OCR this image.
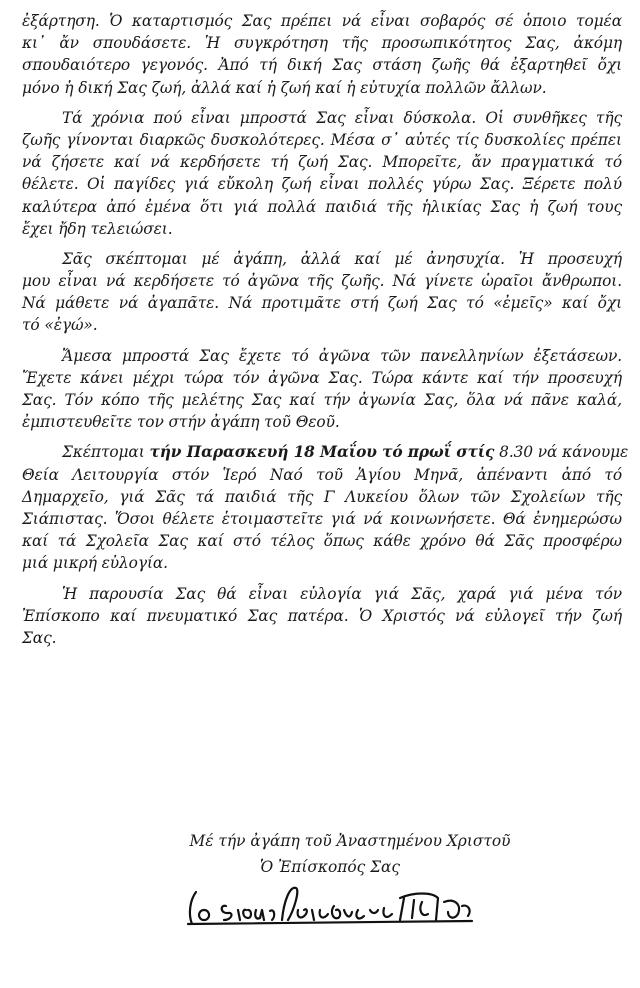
ἐξάρτηση. Ὁ καταρτισμός Σας πρέπει νά εἶναι σοβαρός σέ ὁποιο τομέα
κι᾽ ἄν σπουδάσετε. Ἡ συγκρότηση τῆς προσωπικότητος Σας, ἀκόμη
σπουδαιότερο γεγονός. Ἀπό τή δική Σας στάση ζωῆς θά ἐξαρτηθεῖ ὄχι
μόνο ἡ δική Σας ζωή, ἀλλά καί ἡ ζωή καί ἡ εὐτυχία πολλῶν ἄλλων.
Τά χρόνια πού εἶναι μπροστά Σας εἶναι δύσκολα. Οἱ συνθῆκες τῆς
ζωῆς γίνονται διαρκῶς δυσκολότερες. Μέσα σ᾽ αὐτές τίς δυσκολίες πρέπει
νά ζήσετε καί νά κερδήσετε τή ζωή Σας. Μπορεῖτε, ἄν πραγματικά τό
θέλετε. Οἱ παγίδες γιά εὔκολη ζωή εἶναι πολλές γύρω Σας. Ξέρετε πολύ
καλύτερα ἀπό ἐμένα ὅτι γιά πολλά παιδιά τῆς ἡλικίας Σας ἡ ζωή τους
ἔχει ἤδη τελειώσει.
Σᾶς σκέπτομαι μέ ἀγάπη, ἀλλά καί μέ ἀνησυχία. Ἡ προσευχή
μου εἶναι νά κερδήσετε τό ἀγῶνα τῆς ζωῆς. Νά γίνετε ὡραῖοι ἄνθρωποι.
Νά μάθετε νά ἀγαπᾶτε. Νά προτιμᾶτε στή ζωή Σας τό «ἐμεῖς» καί ὄχι
τό «ἐγώ».
Ἄμεσα μπροστά Σας ἔχετε τό ἀγῶνα τῶν πανελληνίων ἐξετάσεων.
Ἔχετε κάνει μέχρι τώρα τόν ἀγῶνα Σας. Τώρα κάντε καί τήν προσευχή
Σας. Τόν κόπο τῆς μελέτης Σας καί τήν ἀγωνία Σας, ὅλα νά πᾶνε καλά,
ἐμπιστευθεῖτε τον στήν ἀγάπη τοῦ Θεοῦ.
Σκέπτομαι τήν Παρασκευή 18 Μαΐου τό πρωΐ στίς 8.30 νά κάνουμε
Θεία Λειτουργία στόν Ἱερό Ναό τοῦ Ἁγίου Μηνᾶ, ἀπέναντι ἀπό τό
Δημαρχεῖο, γιά Σᾶς τά παιδιά τῆς Γ Λυκείου ὅλων τῶν Σχολείων τῆς
Σιάπιστας. Ὅσοι θέλετε ἑτοιμαστεῖτε γιά νά κοινωνήσετε. Θά ἐνημερώσω
καί τά Σχολεῖα Σας καί στό τέλος ὅπως κάθε χρόνο θά Σᾶς προσφέρω
μιά μικρή εὐλογία.
Ἡ παρουσία Σας θά εἶναι εὐλογία γιά Σᾶς, χαρά γιά μένα τόν
Ἐπίσκοπο καί πνευματικό Σας πατέρα. Ὁ Χριστός νά εὐλογεῖ τήν ζωή
Σας.
Μέ τήν ἀγάπη τοῦ Ἀναστημένου Χριστοῦ
Ὁ Ἐπίσκοπός Σας
